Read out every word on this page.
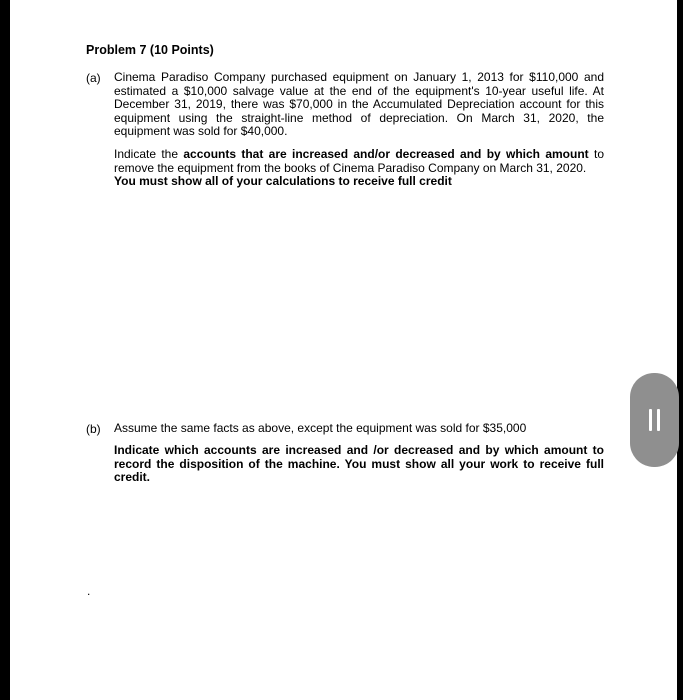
Problem 7 (10 Points)
(a) Cinema Paradiso Company purchased equipment on January 1, 2013 for $110,000 and estimated a $10,000 salvage value at the end of the equipment's 10-year useful life. At December 31, 2019, there was $70,000 in the Accumulated Depreciation account for this equipment using the straight-line method of depreciation. On March 31, 2020, the equipment was sold for $40,000.
Indicate the accounts that are increased and/or decreased and by which amount to remove the equipment from the books of Cinema Paradiso Company on March 31, 2020.
You must show all of your calculations to receive full credit
(b) Assume the same facts as above, except the equipment was sold for $35,000
Indicate which accounts are increased and /or decreased and by which amount to record the disposition of the machine. You must show all your work to receive full credit.
.
